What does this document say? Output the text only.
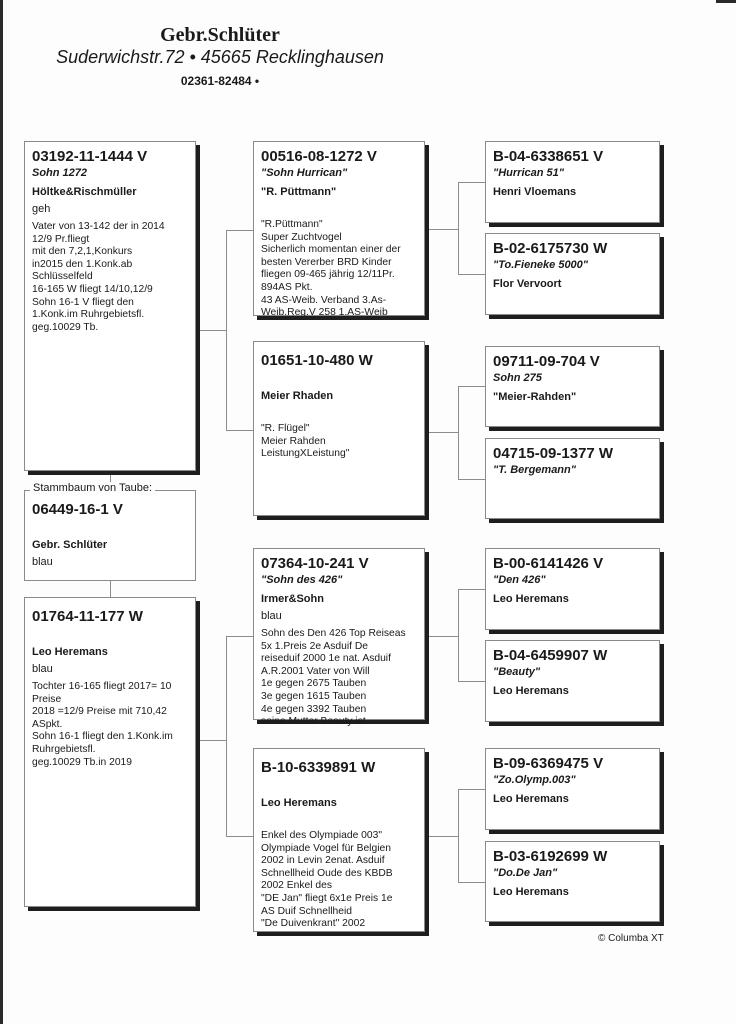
Gebr.Schlüter
Suderwichstr.72 • 45665 Recklinghausen
02361-82484 •
03192-11-1444 V
Sohn 1272
Höltke&Rischmüller
geh
Vater von 13-142 der in 2014
12/9 Pr.fliegt
mit den 7,2,1,Konkurs
in2015 den 1.Konk.ab
Schlüsselfeld
16-165 W fliegt 14/10,12/9
Sohn 16-1 V fliegt den
1.Konk.im Ruhrgebietsfl.
geg.10029 Tb.
06449-16-1 V
Gebr. Schlüter
blau
Stammbaum von Taube:
01764-11-177 W
Leo Heremans
blau
Tochter 16-165 fliegt 2017= 10
Preise
2018 =12/9 Preise mit 710,42
ASpkt.
Sohn 16-1 fliegt den 1.Konk.im
Ruhrgebietsfl.
geg.10029 Tb.in 2019
00516-08-1272 V
"Sohn Hurrican"
"R. Püttmann"
"R.Püttmann"
Super Zuchtvogel
Sicherlich momentan einer der
besten Vererber BRD Kinder
fliegen 09-465 jährig 12/11Pr.
894AS Pkt.
43 AS-Weib. Verband 3.As-
Weib.Reg.V 258 1.AS-Weib
01651-10-480 W
Meier Rhaden
"R. Flügel"
Meier Rahden
LeistungXLeistung"
07364-10-241 V
"Sohn des 426"
Irmer&Sohn
blau
Sohn des Den 426 Top Reiseas
5x 1.Preis 2e Asduif De
reiseduif 2000 1e nat. Asduif
A.R.2001 Vater von Will
1e gegen 2675 Tauben
3e gegen 1615 Tauben
4e gegen 3392 Tauben
seine Mutter Beauty ist
B-10-6339891 W
Leo Heremans
Enkel des Olympiade 003"
Olympiade Vogel für Belgien
2002 in Levin 2enat. Asduif
Schnellheid Oude des KBDB
2002 Enkel des
"DE Jan" fliegt 6x1e Preis 1e
AS Duif Schnellheid
"De Duivenkrant" 2002
B-04-6338651 V
"Hurrican 51"
Henri Vloemans
B-02-6175730 W
"To.Fieneke 5000"
Flor Vervoort
09711-09-704 V
Sohn 275
"Meier-Rahden"
04715-09-1377 W
"T. Bergemann"
B-00-6141426 V
"Den 426"
Leo Heremans
B-04-6459907 W
"Beauty"
Leo Heremans
B-09-6369475 V
"Zo.Olymp.003"
Leo Heremans
B-03-6192699 W
"Do.De Jan"
Leo Heremans
© Columba XT
